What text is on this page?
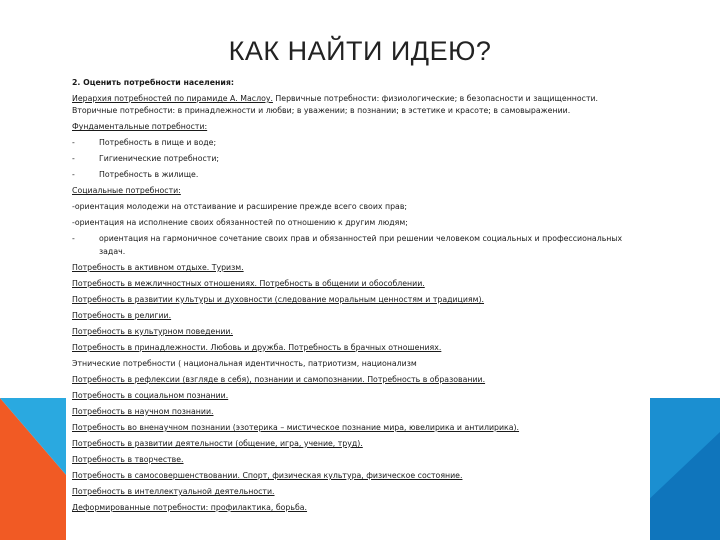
КАК НАЙТИ ИДЕЮ?
2. Оценить потребности населения:
Иерархия потребностей по пирамиде А. Маслоу. Первичные потребности: физиологические; в безопасности и защищенности. Вторичные потребности: в принадлежности и любви; в уважении; в познании; в эстетике и красоте; в самовыражении.
Фундаментальные потребности:
-	Потребность в пище и воде;
-	Гигиенические потребности;
-	Потребность в жилище.
Социальные потребности:
-ориентация молодежи на отстаивание и расширение прежде всего своих прав;
-ориентация на исполнение своих обязанностей по отношению к другим людям;
-	ориентация на гармоничное сочетание своих прав и обязанностей при решении человеком социальных и профессиональных задач.
Потребность в активном отдыхе. Туризм.
Потребность в межличностных отношениях. Потребность в общении и обособлении.
Потребность в развитии культуры и духовности (следование моральным ценностям и традициям).
Потребность в религии.
Потребность в культурном поведении.
Потребность в принадлежности. Любовь и дружба. Потребность в брачных отношениях.
Этнические потребности ( национальная идентичность, патриотизм, национализм
Потребность в рефлексии (взгляде в себя), познании и самопознании. Потребность в образовании.
Потребность в социальном познании.
Потребность в научном познании.
Потребность во вненаучном познании (эзотерика – мистическое познание мира, ювелирика и антилирика).
Потребность в развитии деятельности (общение, игра, учение, труд).
Потребность в творчестве.
Потребность в самосовершенствовании. Спорт, физическая культура, физическое состояние.
Потребность в интеллектуальной деятельности.
Деформированные потребности: профилактика, борьба.
